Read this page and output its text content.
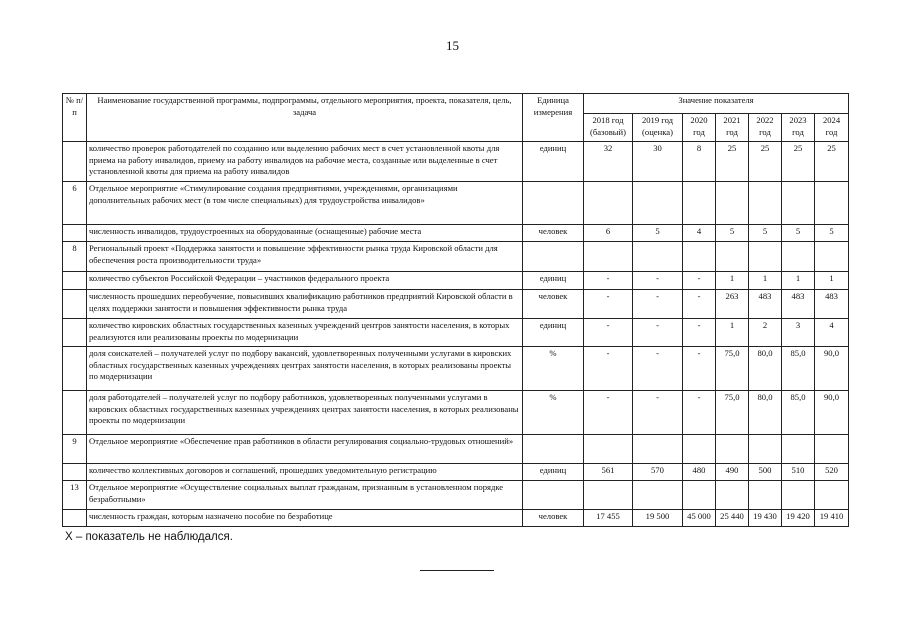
15
№ п/п	Наименование государственной программы, подпрограммы, отдельного мероприятия, проекта, показателя, цель, задача	Единица измерения	Значение показателя						
			2018 год (базовый)	2019 год (оценка)	2020 год	2021 год	2022 год	2023 год	2024 год
	количество проверок работодателей по созданию или выделению рабочих мест в счет установленной квоты для приема на работу инвалидов, приему на работу инвалидов на рабочие места, созданные или выделенные в счет установленной квоты для приема на работу инвалидов	единиц	32	30	8	25	25	25	25
6	Отдельное мероприятие «Стимулирование создания предприятиями, учреждениями, организациями дополнительных рабочих мест (в том числе специальных) для трудоустройства инвалидов»								
	численность инвалидов, трудоустроенных на оборудованные (оснащенные) рабочие места	человек	6	5	4	5	5	5	5
8	Региональный проект «Поддержка занятости и повышение эффективности рынка труда Кировской области для обеспечения роста производительности труда»								
	количество субъектов Российской Федерации – участников федерального проекта	единиц	-	-	-	1	1	1	1
	численность прошедших переобучение, повысивших квалификацию работников предприятий Кировской области в целях поддержки занятости и повышения эффективности рынка труда	человек	-	-	-	263	483	483	483
	количество кировских областных государственных казенных учреждений центров занятости населения, в которых реализуются или реализованы проекты по модернизации	единиц	-	-	-	1	2	3	4
	доля соискателей – получателей услуг по подбору вакансий, удовлетворенных полученными услугами в кировских областных государственных казенных учреждениях центрах занятости населения, в которых реализованы проекты по модернизации	%	-	-	-	75,0	80,0	85,0	90,0
	доля работодателей – получателей услуг по подбору работников, удовлетворенных полученными услугами в кировских областных государственных казенных учреждениях центрах занятости населения, в которых реализованы проекты по модернизации	%	-	-	-	75,0	80,0	85,0	90,0
9	Отдельное мероприятие «Обеспечение прав работников в области регулирования социально-трудовых отношений»								
	количество коллективных договоров и соглашений, прошедших уведомительную регистрацию	единиц	561	570	480	490	500	510	520
13	Отдельное мероприятие «Осуществление социальных выплат гражданам, признанным в установленном порядке безработными»								
	численность граждан, которым назначено пособие по безработице	человек	17 455	19 500	45 000	25 440	19 430	19 420	19 410
Х – показатель не наблюдался.
